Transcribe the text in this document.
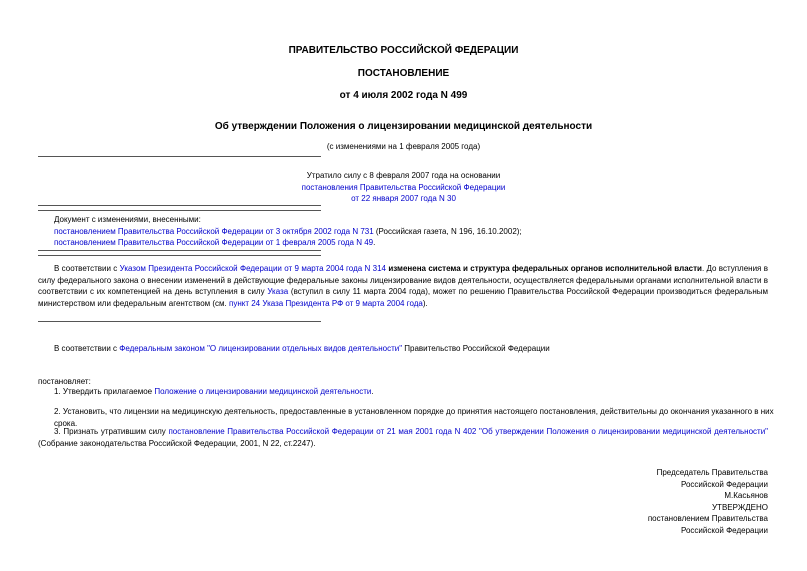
ПРАВИТЕЛЬСТВО РОССИЙСКОЙ ФЕДЕРАЦИИ
ПОСТАНОВЛЕНИЕ
от 4 июля 2002 года N 499
Об утверждении Положения о лицензировании медицинской деятельности
(с изменениями на 1 февраля 2005 года)
Утратило силу с 8 февраля 2007 года на основании
постановления Правительства Российской Федерации
от 22 января 2007 года N 30
Документ с изменениями, внесенными:
постановлением Правительства Российской Федерации от 3 октября 2002 года N 731 (Российская газета, N 196, 16.10.2002);
постановлением Правительства Российской Федерации от 1 февраля 2005 года N 49.
В соответствии с Указом Президента Российской Федерации от 9 марта 2004 года N 314 изменена система и структура федеральных органов исполнительной власти. До вступления в силу федерального закона о внесении изменений в действующие федеральные законы лицензирование видов деятельности, осуществляется федеральными органами исполнительной власти в соответствии с их компетенцией на день вступления в силу Указа (вступил в силу 11 марта 2004 года), может по решению Правительства Российской Федерации производиться федеральным министерством или федеральным агентством (см. пункт 24 Указа Президента РФ от 9 марта 2004 года).
В соответствии с Федеральным законом "О лицензировании отдельных видов деятельности" Правительство Российской Федерации
постановляет:
1. Утвердить прилагаемое Положение о лицензировании медицинской деятельности.
2. Установить, что лицензии на медицинскую деятельность, предоставленные в установленном порядке до принятия настоящего постановления, действительны до окончания указанного в них срока.
3. Признать утратившим силу постановление Правительства Российской Федерации от 21 мая 2001 года N 402 "Об утверждении Положения о лицензировании медицинской деятельности" (Собрание законодательства Российской Федерации, 2001, N 22, ст.2247).
Председатель Правительства
Российской Федерации
М.Касьянов
УТВЕРЖДЕНО
постановлением Правительства
Российской Федерации
